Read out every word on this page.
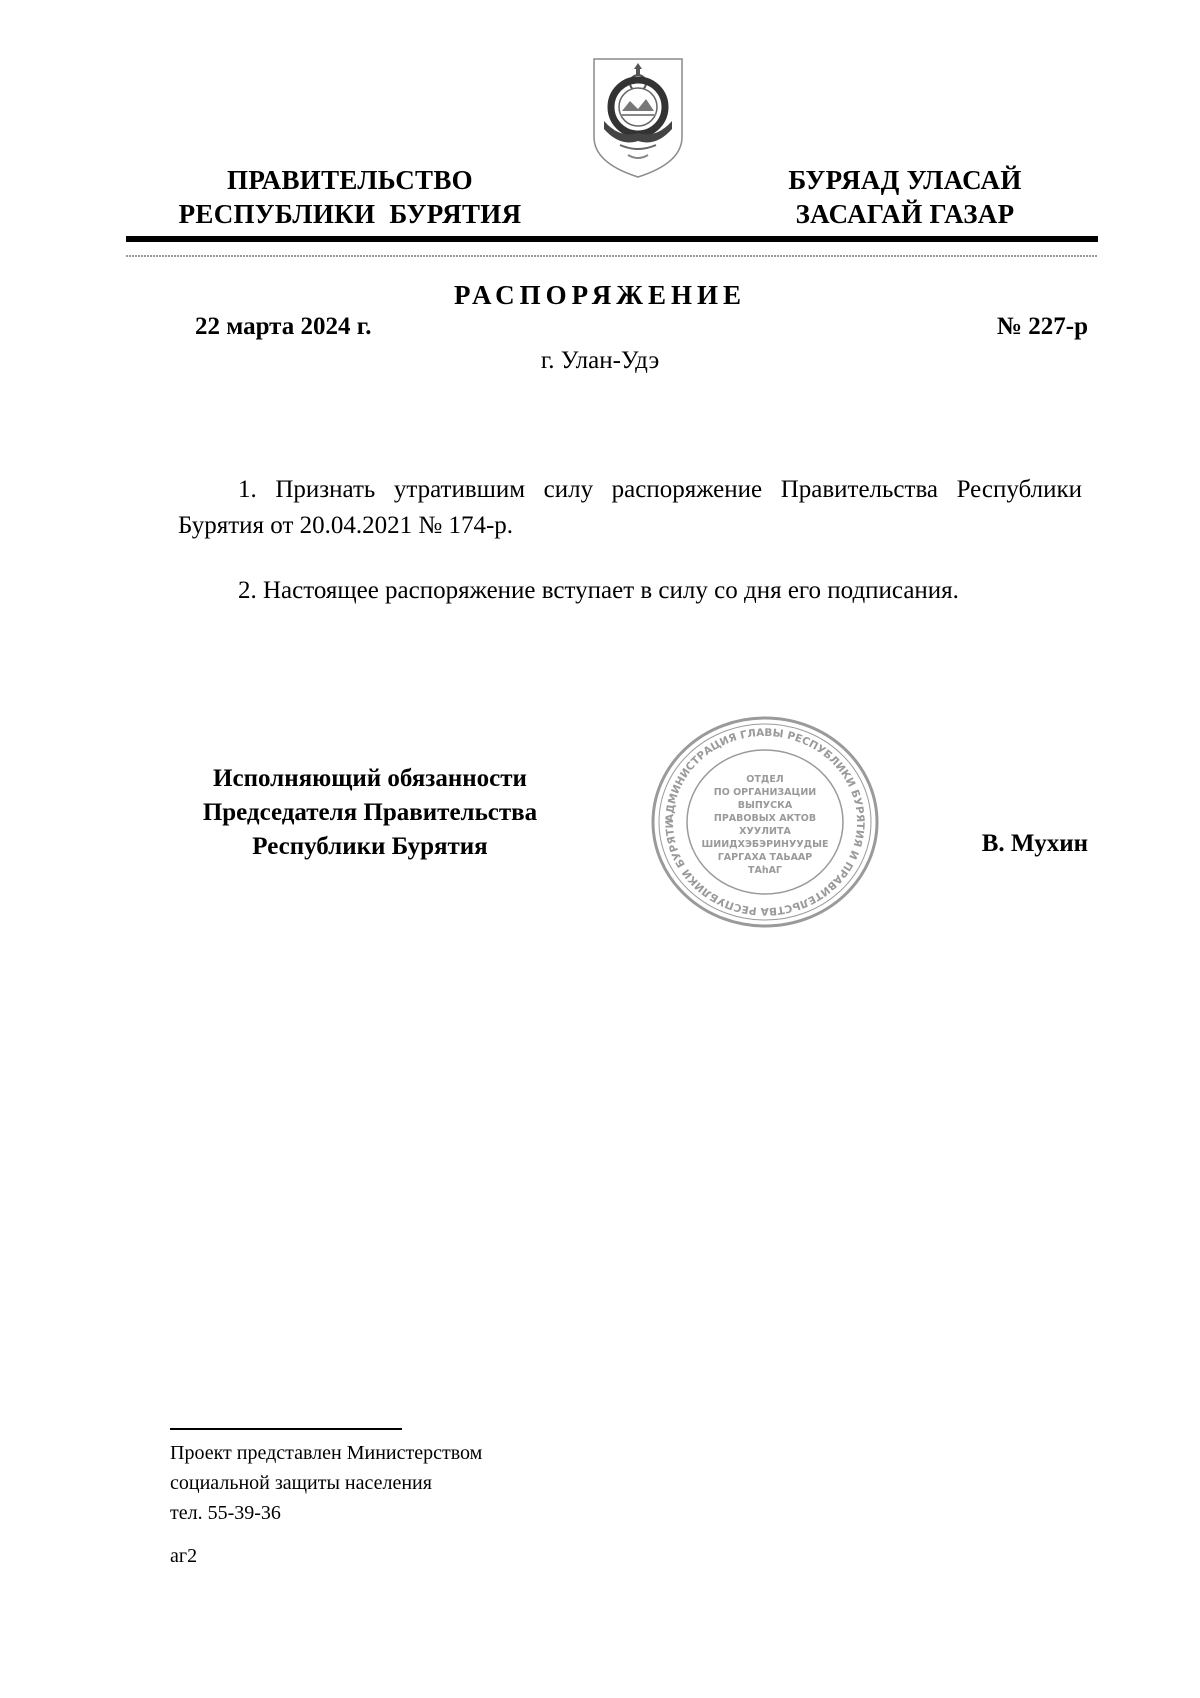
ПРАВИТЕЛЬСТВО
РЕСПУБЛИКИ  БУРЯТИЯ
БУРЯАД УЛАСАЙ
ЗАСАГАЙ ГАЗАР
РАСПОРЯЖЕНИЕ
22 марта 2024 г.	№ 227-р
г. Улан-Удэ
1. Признать утратившим силу распоряжение Правительства Республики Бурятия от 20.04.2021 № 174-р.
2. Настоящее распоряжение вступает в силу со дня его подписания.
Исполняющий обязанности
Председателя Правительства
Республики Бурятия
АДМИНИСТРАЦИЯ ГЛАВЫ РЕСПУБЛИКИ БУРЯТИЯ И ПРАВИТЕЛЬСТВА РЕСПУБЛИКИ БУРЯТИ
ОТДЕЛ
ПО ОРГАНИЗАЦИИ
ВЫПУСКА
ПРАВОВЫХ АКТОВ
ХУУЛИТА
ШИИДХЭБЭРИНУУДЫЕ
ГАРГАХА ТАЬААР
ТАһАГ
В. Мухин
Проект представлен Министерством
социальной защиты населения
тел. 55-39-36
аг2
